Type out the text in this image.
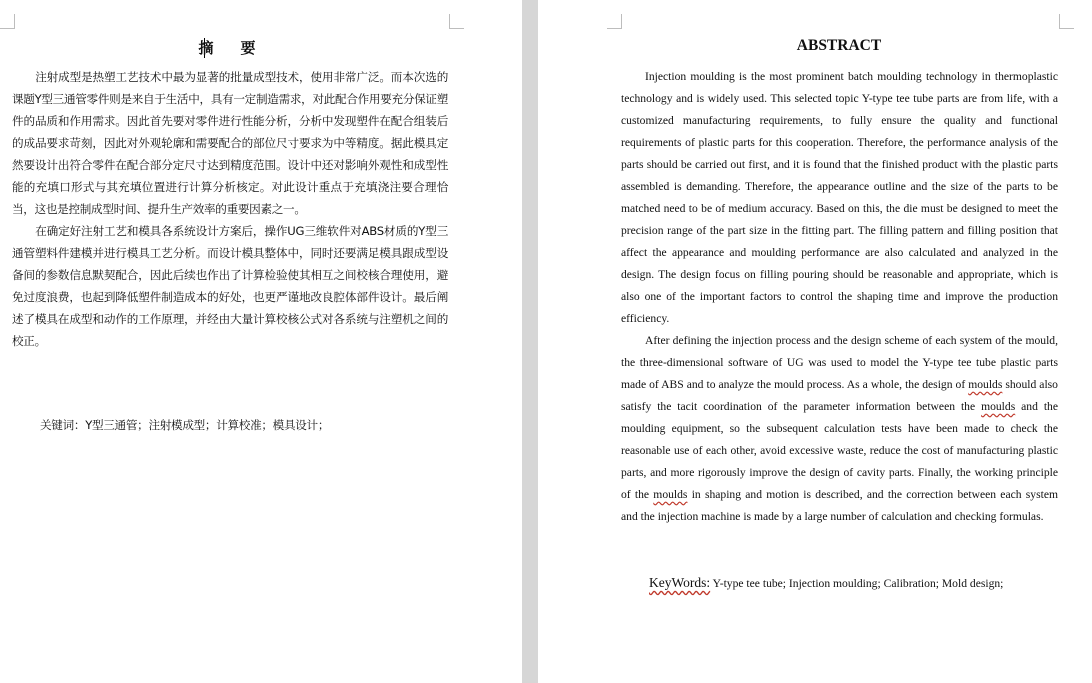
摘　要

注射成型是热塑工艺技术中最为显著的批量成型技术，使用非常广泛。而本次选的课题Y型三通管零件则是来自于生活中，具有一定制造需求，对此配合作用要充分保证塑件的品质和作用需求。因此首先要对零件进行性能分析，分析中发现塑件在配合组装后的成品要求苛刻，因此对外观轮廓和需要配合的部位尺寸要求为中等精度。据此模具定然要设计出符合零件在配合部分定尺寸达到精度范围。设计中还对影响外观性和成型性能的充填口形式与其充填位置进行计算分析核定。对此设计重点于充填浇注要合理恰当，这也是控制成型时间、提升生产效率的重要因素之一。

在确定好注射工艺和模具各系统设计方案后，操作UG三维软件对ABS材质的Y型三通管塑料件建模并进行模具工艺分析。而设计模具整体中，同时还要满足模具跟成型设备间的参数信息默契配合，因此后续也作出了计算检验使其相互之间校核合理使用，避免过度浪费，也起到降低塑件制造成本的好处，也更严谨地改良腔体部件设计。最后阐述了模具在成型和动作的工作原理，并经由大量计算校核公式对各系统与注塑机之间的校正。

关键词：Y型三通管；注射模成型；计算校准；模具设计；
ABSTRACT

Injection moulding is the most prominent batch moulding technology in thermoplastic technology and is widely used. This selected topic Y-type tee tube parts are from life, with a customized manufacturing requirements, to fully ensure the quality and functional requirements of plastic parts for this cooperation. Therefore, the performance analysis of the parts should be carried out first, and it is found that the finished product with the plastic parts assembled is demanding. Therefore, the appearance outline and the size of the parts to be matched need to be of medium accuracy. Based on this, the die must be designed to meet the precision range of the part size in the fitting part. The filling pattern and filling position that affect the appearance and moulding performance are also calculated and analyzed in the design. The design focus on filling pouring should be reasonable and appropriate, which is also one of the important factors to control the shaping time and improve the production efficiency.

After defining the injection process and the design scheme of each system of the mould, the three-dimensional software of UG was used to model the Y-type tee tube plastic parts made of ABS and to analyze the mould process. As a whole, the design of moulds should also satisfy the tacit coordination of the parameter information between the moulds and the moulding equipment, so the subsequent calculation tests have been made to check the reasonable use of each other, avoid excessive waste, reduce the cost of manufacturing plastic parts, and more rigorously improve the design of cavity parts. Finally, the working principle of the moulds in shaping and motion is described, and the correction between each system and the injection machine is made by a large number of calculation and checking formulas.

KeyWords: Y-type tee tube; Injection moulding; Calibration; Mold design;
